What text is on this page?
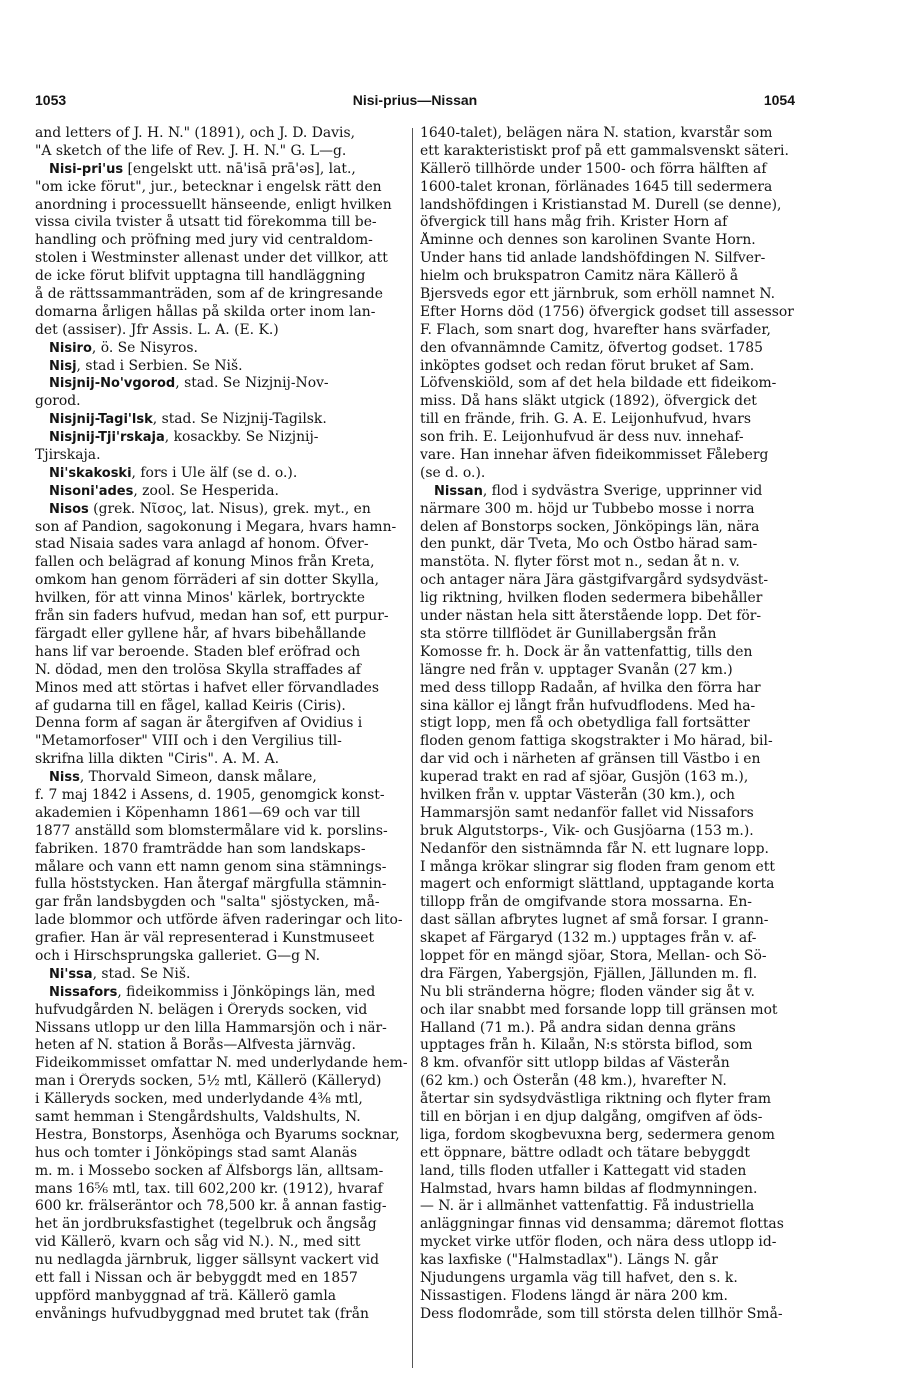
1053	Nisi-prius—Nissan	1054
and letters of J. H. N." (1891), och J. D. Davis,
"A sketch of the life of Rev. J. H. N." G. L—g.
Nisi-pri'us [engelskt utt. nā'isā prā'əs], lat.,
"om icke förut", jur., betecknar i engelsk rätt den
anordning i processuellt hänseende, enligt hvilken
vissa civila tvister å utsatt tid förekomma till be-
handling och pröfning med jury vid centraldom-
stolen i Westminster allenast under det villkor, att
de icke förut blifvit upptagna till handläggning
å de rättssammanträden, som af de kringresande
domarna årligen hållas på skilda orter inom lan-
det (assiser). Jfr Assis. L. A. (E. K.)
Nisiro, ö. Se Nisyros.
Nisj, stad i Serbien. Se Niš.
Nisjnij-No'vgorod, stad. Se Nizjnij-Nov-
gorod.
Nisjnij-Tagi'lsk, stad. Se Nizjnij-Tagilsk.
Nisjnij-Tji'rskaja, kosackby. Se Nizjnij-
Tjirskaja.
Ni'skakoski, fors i Ule älf (se d. o.).
Nisoni'ades, zool. Se Hesperida.
Nisos (grek. Νῖσος, lat. Nisus), grek. myt., en
son af Pandion, sagokonung i Megara, hvars hamn-
stad Nisaia sades vara anlagd af honom. Öfver-
fallen och belägrad af konung Minos från Kreta,
omkom han genom förräderi af sin dotter Skylla,
hvilken, för att vinna Minos' kärlek, bortryckte
från sin faders hufvud, medan han sof, ett purpur-
färgadt eller gyllene hår, af hvars bibehållande
hans lif var beroende. Staden blef eröfrad och
N. dödad, men den trolösa Skylla straffades af
Minos med att störtas i hafvet eller förvandlades
af gudarna till en fågel, kallad Keiris (Ciris).
Denna form af sagan är återgifven af Ovidius i
"Metamorfoser" VIII och i den Vergilius till-
skrifna lilla dikten "Ciris". A. M. A.
Niss, Thorvald Simeon, dansk målare,
f. 7 maj 1842 i Assens, d. 1905, genomgick konst-
akademien i Köpenhamn 1861—69 och var till
1877 anställd som blomstermålare vid k. porslins-
fabriken. 1870 framträdde han som landskaps-
målare och vann ett namn genom sina stämnings-
fulla höststycken. Han återgaf märgfulla stämnin-
gar från landsbygden och "salta" sjöstycken, må-
lade blommor och utförde äfven raderingar och lito-
grafier. Han är väl representerad i Kunstmuseet
och i Hirschsprungska galleriet. G—g N.
Ni'ssa, stad. Se Niš.
Nissafors, fideikommiss i Jönköpings län, med
hufvudgården N. belägen i Öreryds socken, vid
Nissans utlopp ur den lilla Hammarsjön och i när-
heten af N. station å Borås—Alfvesta järnväg.
Fideikommisset omfattar N. med underlydande hem-
man i Öreryds socken, 5½ mtl, Källerö (Källeryd)
i Källeryds socken, med underlydande 4⅜ mtl,
samt hemman i Stengårdshults, Valdshults, N.
Hestra, Bonstorps, Åsenhöga och Byarums socknar,
hus och tomter i Jönköpings stad samt Alanäs
m. m. i Mossebo socken af Älfsborgs län, alltsam-
mans 16⅚ mtl, tax. till 602,200 kr. (1912), hvaraf
600 kr. frälseräntor och 78,500 kr. å annan fastig-
het än jordbruksfastighet (tegelbruk och ångsåg
vid Källerö, kvarn och såg vid N.). N., med sitt
nu nedlagda järnbruk, ligger sällsynt vackert vid
ett fall i Nissan och är bebyggdt med en 1857
uppförd manbyggnad af trä. Källerö gamla
envånings hufvudbyggnad med brutet tak (från
1640-talet), belägen nära N. station, kvarstår som
ett karakteristiskt prof på ett gammalsvenskt säteri.
Källerö tillhörde under 1500- och förra hälften af
1600-talet kronan, förlänades 1645 till sedermera
landshöfdingen i Kristianstad M. Durell (se denne),
öfvergick till hans måg frih. Krister Horn af
Åminne och dennes son karolinen Svante Horn.
Under hans tid anlade landshöfdingen N. Silfver-
hielm och brukspatron Camitz nära Källerö å
Bjersveds egor ett järnbruk, som erhöll namnet N.
Efter Horns död (1756) öfvergick godset till assessor
F. Flach, som snart dog, hvarefter hans svärfader,
den ofvannämnde Camitz, öfvertog godset. 1785
inköptes godset och redan förut bruket af Sam.
Löfvenskiöld, som af det hela bildade ett fideikom-
miss. Då hans släkt utgick (1892), öfvergick det
till en frände, frih. G. A. E. Leijonhufvud, hvars
son frih. E. Leijonhufvud är dess nuv. innehaf-
vare. Han innehar äfven fideikommisset Fåleberg
(se d. o.).
Nissan, flod i sydvästra Sverige, upprinner vid
närmare 300 m. höjd ur Tubbebo mosse i norra
delen af Bonstorps socken, Jönköpings län, nära
den punkt, där Tveta, Mo och Östbo härad sam-
manstöta. N. flyter först mot n., sedan åt n. v.
och antager nära Jära gästgifvargård sydsydväst-
lig riktning, hvilken floden sedermera bibehåller
under nästan hela sitt återstående lopp. Det för-
sta större tillflödet är Gunillabergsån från
Komosse fr. h. Dock är ån vattenfattig, tills den
längre ned från v. upptager Svanån (27 km.)
med dess tillopp Radaån, af hvilka den förra har
sina källor ej långt från hufvudflodens. Med ha-
stigt lopp, men få och obetydliga fall fortsätter
floden genom fattiga skogstrakter i Mo härad, bil-
dar vid och i närheten af gränsen till Västbo i en
kuperad trakt en rad af sjöar, Gusjön (163 m.),
hvilken från v. upptar Västerån (30 km.), och
Hammarsjön samt nedanför fallet vid Nissafors
bruk Algutstorps-, Vik- och Gusjöarna (153 m.).
Nedanför den sistnämnda får N. ett lugnare lopp.
I många krökar slingrar sig floden fram genom ett
magert och enformigt slättland, upptagande korta
tillopp från de omgifvande stora mossarna. En-
dast sällan afbrytes lugnet af små forsar. I grann-
skapet af Färgaryd (132 m.) upptages från v. af-
loppet för en mängd sjöar, Stora, Mellan- och Sö-
dra Färgen, Yabergsjön, Fjällen, Jällunden m. fl.
Nu bli stränderna högre; floden vänder sig åt v.
och ilar snabbt med forsande lopp till gränsen mot
Halland (71 m.). På andra sidan denna gräns
upptages från h. Kilaån, N:s största biflod, som
8 km. ofvanför sitt utlopp bildas af Västerån
(62 km.) och Österån (48 km.), hvarefter N.
återtar sin sydsydvästliga riktning och flyter fram
till en början i en djup dalgång, omgifven af öds-
liga, fordom skogbevuxna berg, sedermera genom
ett öppnare, bättre odladt och tätare bebyggdt
land, tills floden utfaller i Kattegatt vid staden
Halmstad, hvars hamn bildas af flodmynningen.
— N. är i allmänhet vattenfattig. Få industriella
anläggningar finnas vid densamma; däremot flottas
mycket virke utför floden, och nära dess utlopp id-
kas laxfiske ("Halmstadlax"). Längs N. går
Njudungens urgamla väg till hafvet, den s. k.
Nissastigen. Flodens längd är nära 200 km.
Dess flodområde, som till största delen tillhör Små-
